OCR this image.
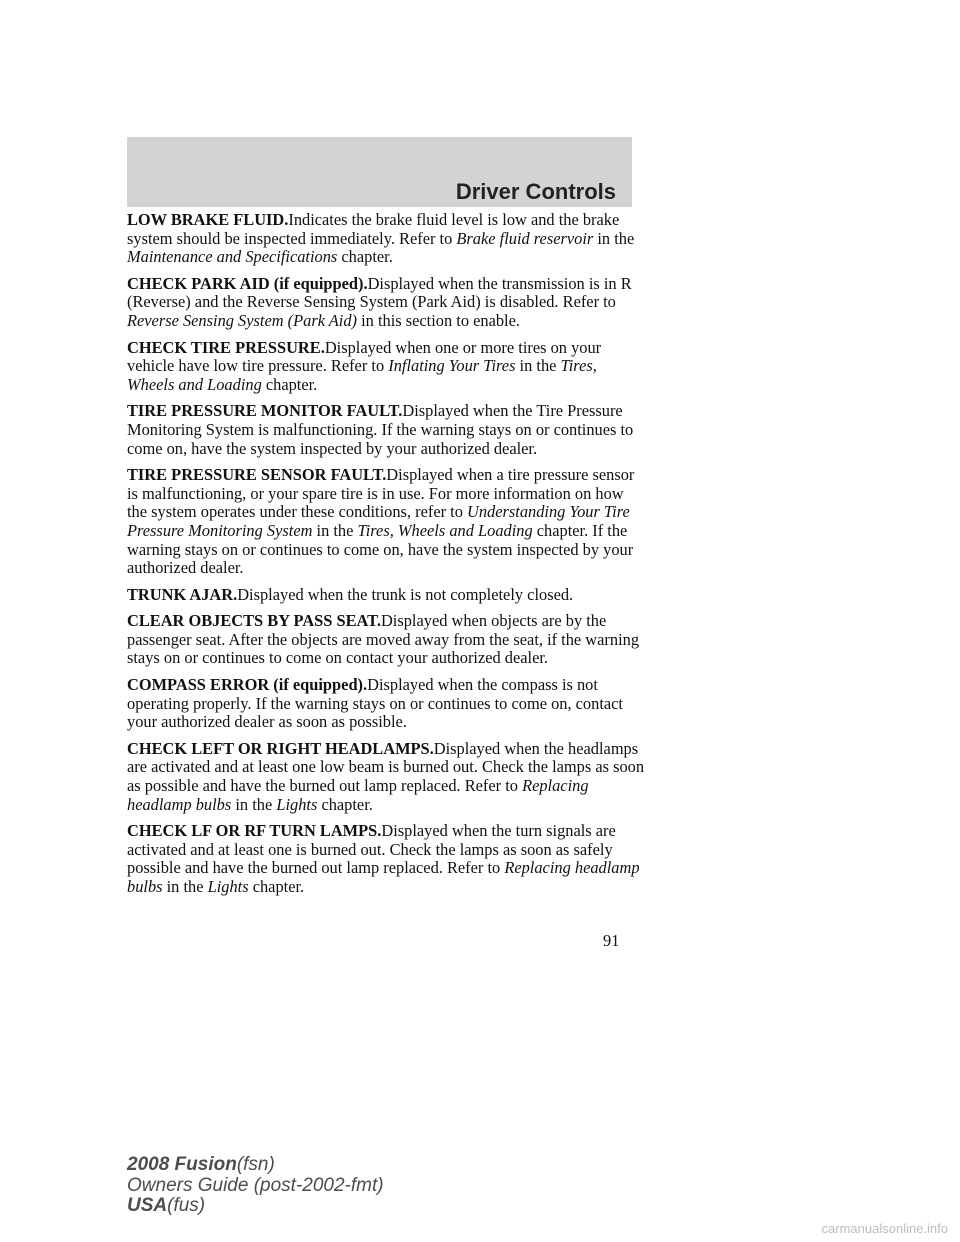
Driver Controls

LOW BRAKE FLUID.Indicates the brake fluid level is low and the brake system should be inspected immediately. Refer to Brake fluid reservoir in the Maintenance and Specifications chapter.

CHECK PARK AID (if equipped).Displayed when the transmission is in R (Reverse) and the Reverse Sensing System (Park Aid) is disabled. Refer to Reverse Sensing System (Park Aid) in this section to enable.

CHECK TIRE PRESSURE.Displayed when one or more tires on your vehicle have low tire pressure. Refer to Inflating Your Tires in the Tires, Wheels and Loading chapter.

TIRE PRESSURE MONITOR FAULT.Displayed when the Tire Pressure Monitoring System is malfunctioning. If the warning stays on or continues to come on, have the system inspected by your authorized dealer.

TIRE PRESSURE SENSOR FAULT.Displayed when a tire pressure sensor is malfunctioning, or your spare tire is in use. For more information on how the system operates under these conditions, refer to Understanding Your Tire Pressure Monitoring System in the Tires, Wheels and Loading chapter. If the warning stays on or continues to come on, have the system inspected by your authorized dealer.

TRUNK AJAR.Displayed when the trunk is not completely closed.

CLEAR OBJECTS BY PASS SEAT.Displayed when objects are by the passenger seat. After the objects are moved away from the seat, if the warning stays on or continues to come on contact your authorized dealer.

COMPASS ERROR (if equipped).Displayed when the compass is not operating properly. If the warning stays on or continues to come on, contact your authorized dealer as soon as possible.

CHECK LEFT OR RIGHT HEADLAMPS.Displayed when the headlamps are activated and at least one low beam is burned out. Check the lamps as soon as possible and have the burned out lamp replaced. Refer to Replacing headlamp bulbs in the Lights chapter.

CHECK LF OR RF TURN LAMPS.Displayed when the turn signals are activated and at least one is burned out. Check the lamps as soon as safely possible and have the burned out lamp replaced. Refer to Replacing headlamp bulbs in the Lights chapter.

91
2008 Fusion(fsn)
Owners Guide (post-2002-fmt)
USA(fus)
carmanualsonline.info
